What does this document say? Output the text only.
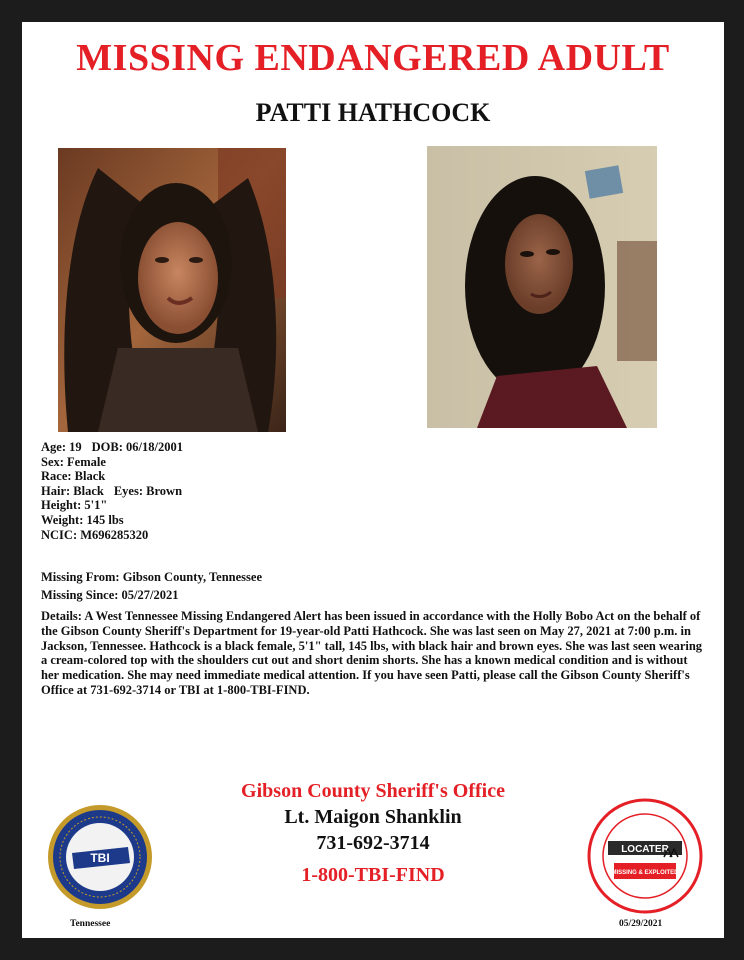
MISSING ENDANGERED ADULT
PATTI HATHCOCK
Age: 19 DOB: 06/18/2001
Sex: Female
Race: Black
Hair: Black Eyes: Brown
Height: 5'1"
Weight: 145 lbs
NCIC: M696285320
Missing From: Gibson County, Tennessee
Missing Since: 05/27/2021
Details: A West Tennessee Missing Endangered Alert has been issued in accordance with the Holly Bobo Act on the behalf of the Gibson County Sheriff's Department for 19-year-old Patti Hathcock. She was last seen on May 27, 2021 at 7:00 p.m. in Jackson, Tennessee. Hathcock is a black female, 5'1" tall, 145 lbs, with black hair and brown eyes. She was last seen wearing a cream-colored top with the shoulders cut out and short denim shorts. She has a known medical condition and is without her medication. She may need immediate medical attention. If you have seen Patti, please call the Gibson County Sheriff's Office at 731-692-3714 or TBI at 1-800-TBI-FIND.
Gibson County Sheriff's Office
Lt. Maigon Shanklin
731-692-3714
1-800-TBI-FIND
TBI
LOCATER
MISSING & EXPLOITED
Tennessee	05/29/2021
